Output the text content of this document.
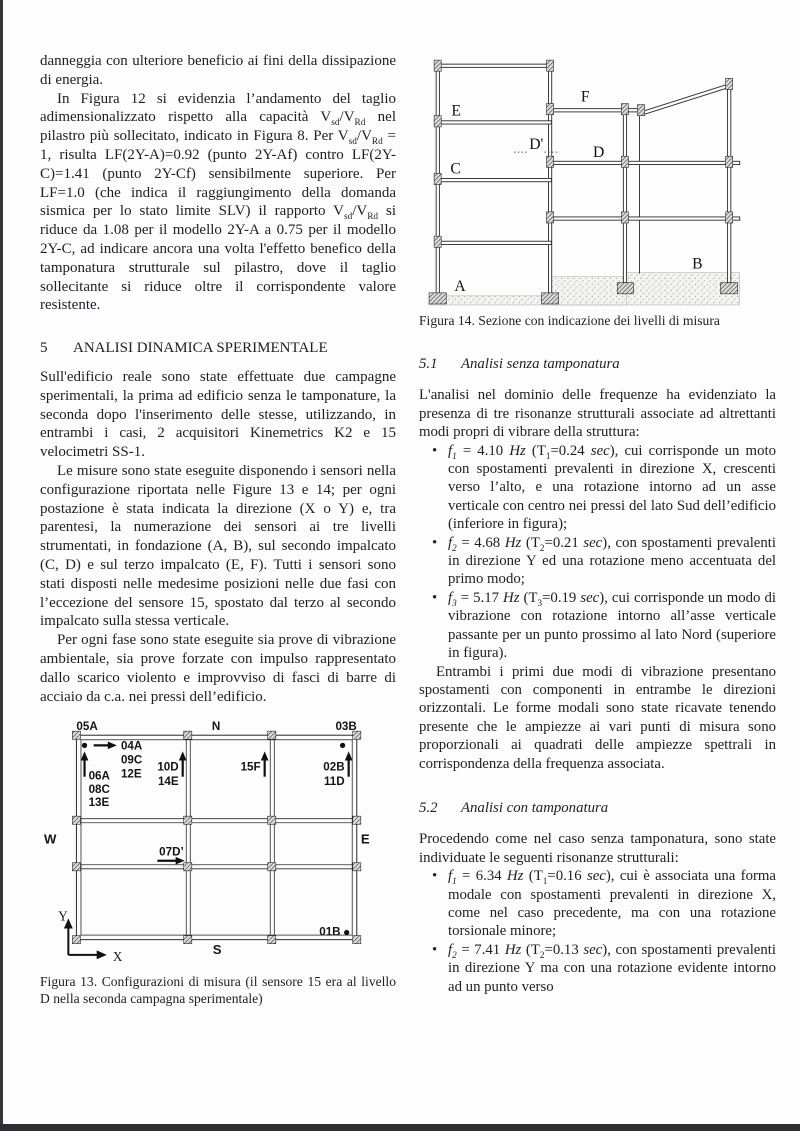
danneggia con ulteriore beneficio ai fini della dissipazione di energia.

In Figura 12 si evidenzia l’andamento del taglio adimensionalizzato rispetto alla capacità $V_{sd}/V_{Rd}$ nel pilastro più sollecitato, indicato in Figura 8. Per $V_{sd}/V_{Rd} = 1$, risulta LF(2Y-A)=0.92 (punto 2Y-Af) contro LF(2Y-C)=1.41 (punto 2Y-Cf) sensibilmente superiore. Per LF=1.0 (che indica il raggiungimento della domanda sismica per lo stato limite SLV) il rapporto $V_{sd}/V_{Rd}$ si riduce da 1.08 per il modello 2Y-A a 0.75 per il modello 2Y-C, ad indicare ancora una volta l'effetto benefico della tamponatura strutturale sul pilastro, dove il taglio sollecitante si riduce oltre il corrispondente valore resistente.

5 ANALISI DINAMICA SPERIMENTALE

Sull'edificio reale sono state effettuate due campagne sperimentali, la prima ad edificio senza le tamponature, la seconda dopo l'inserimento delle stesse, utilizzando, in entrambi i casi, 2 acquisitori Kinemetrics K2 e 15 velocimetri SS-1.

Le misure sono state eseguite disponendo i sensori nella configurazione riportata nelle Figure 13 e 14; per ogni postazione è stata indicata la direzione (X o Y) e, tra parentesi, la numerazione dei sensori ai tre livelli strumentati, in fondazione (A, B), sul secondo impalcato (C, D) e sul terzo impalcato (E, F). Tutti i sensori sono stati disposti nelle medesime posizioni nelle due fasi con l’eccezione del sensore 15, spostato dal terzo al secondo impalcato sulla stessa verticale.

Per ogni fase sono state eseguite sia prove di vibrazione ambientale, sia prove forzate con impulso rappresentato dallo scarico violento e improvviso di fasci di barre di acciaio da c.a. nei pressi dell’edificio.

05A	N	03B
04A
09C
12E
06A
08C
13E
10D
14E
15F	02B
11D
07D’
01B
W	E
S
Y
X
Figura 13. Configurazioni di misura (il sensore 15 era al livello D nella seconda campagna sperimentale)
E
C
A
D'
F
D
B
Figura 14. Sezione con indicazione dei livelli di misura

5.1 Analisi senza tamponatura

L'analisi nel dominio delle frequenze ha evidenziato la presenza di tre risonanze strutturali associate ad altrettanti modi propri di vibrare della struttura:

• $f_1 = 4.10$ Hz ($T_1=0.24$ sec), cui corrisponde un moto con spostamenti prevalenti in direzione X, crescenti verso l’alto, e una rotazione intorno ad un asse verticale con centro nei pressi del lato Sud dell’edificio (inferiore in figura);
• $f_2 = 4.68$ Hz ($T_2=0.21$ sec), con spostamenti prevalenti in direzione Y ed una rotazione meno accentuata del primo modo;
• $f_3 = 5.17$ Hz ($T_3=0.19$ sec), cui corrisponde un modo di vibrazione con rotazione intorno all’asse verticale passante per un punto prossimo al lato Nord (superiore in figura).

Entrambi i primi due modi di vibrazione presentano spostamenti con componenti in entrambe le direzioni orizzontali. Le forme modali sono state ricavate tenendo presente che le ampiezze ai vari punti di misura sono proporzionali ai quadrati delle ampiezze spettrali in corrispondenza della frequenza associata.

5.2 Analisi con tamponatura

Procedendo come nel caso senza tamponatura, sono state individuate le seguenti risonanze strutturali:

• $f_1 = 6.34$ Hz ($T_1=0.16$ sec), cui è associata una forma modale con spostamenti prevalenti in direzione X, come nel caso precedente, ma con una rotazione torsionale minore;
• $f_2 = 7.41$ Hz ($T_2=0.13$ sec), con spostamenti prevalenti in direzione Y ma con una rotazione evidente intorno ad un punto verso
